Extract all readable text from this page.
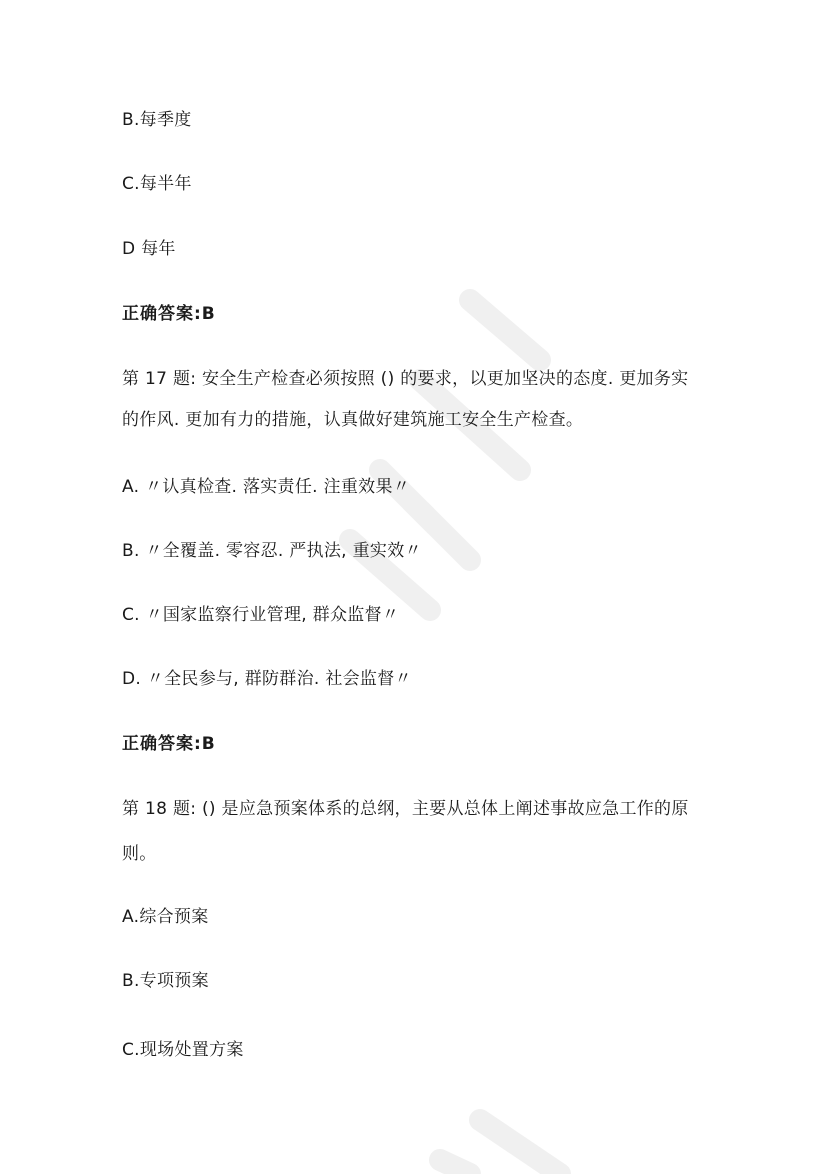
B.每季度
C.每半年
D 每年
正确答案:B
第 17 题: 安全生产检查必须按照 () 的要求，以更加坚决的态度. 更加务实
的作风. 更加有力的措施，认真做好建筑施工安全生产检查。
A. 〃认真检查. 落实责任. 注重效果〃
B. 〃全覆盖. 零容忍. 严执法, 重实效〃
C. 〃国家监察行业管理, 群众监督〃
D. 〃全民参与, 群防群治. 社会监督〃
正确答案:B
第 18 题: () 是应急预案体系的总纲，主要从总体上阐述事故应急工作的原
则。
A.综合预案
B.专项预案
C.现场处置方案
